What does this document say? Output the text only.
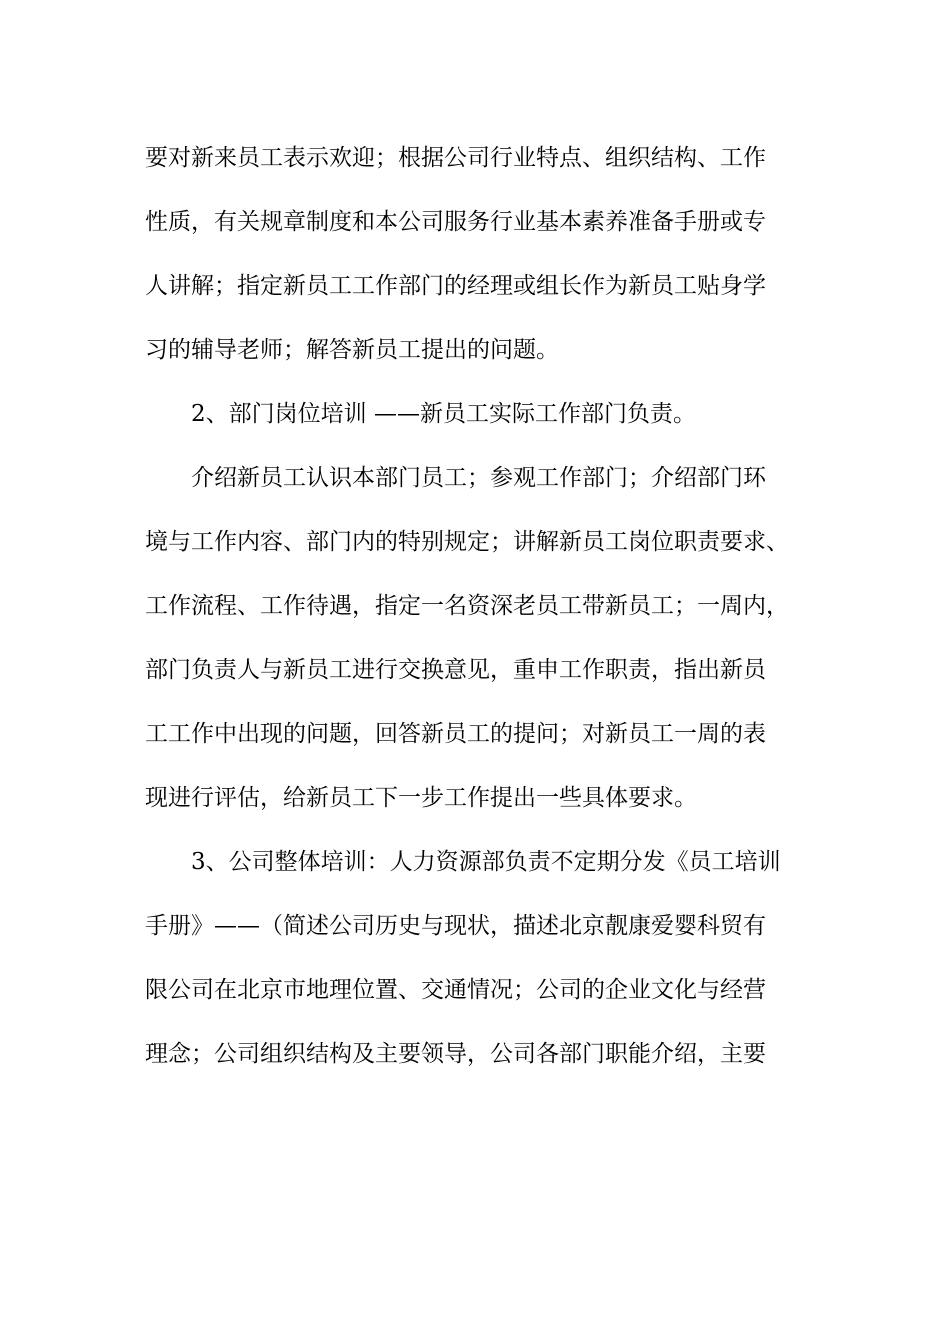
要对新来员工表示欢迎；根据公司行业特点、组织结构、工作
性质，有关规章制度和本公司服务行业基本素养准备手册或专
人讲解；指定新员工工作部门的经理或组长作为新员工贴身学
习的辅导老师；解答新员工提出的问题。
2、部门岗位培训 ——新员工实际工作部门负责。
介绍新员工认识本部门员工；参观工作部门；介绍部门环
境与工作内容、部门内的特别规定；讲解新员工岗位职责要求、
工作流程、工作待遇，指定一名资深老员工带新员工；一周内，
部门负责人与新员工进行交换意见，重申工作职责，指出新员
工工作中出现的问题，回答新员工的提问；对新员工一周的表
现进行评估，给新员工下一步工作提出一些具体要求。
3、公司整体培训：人力资源部负责不定期分发《员工培训
手册》——（简述公司历史与现状，描述北京靓康爱婴科贸有
限公司在北京市地理位置、交通情况；公司的企业文化与经营
理念；公司组织结构及主要领导，公司各部门职能介绍，主要
